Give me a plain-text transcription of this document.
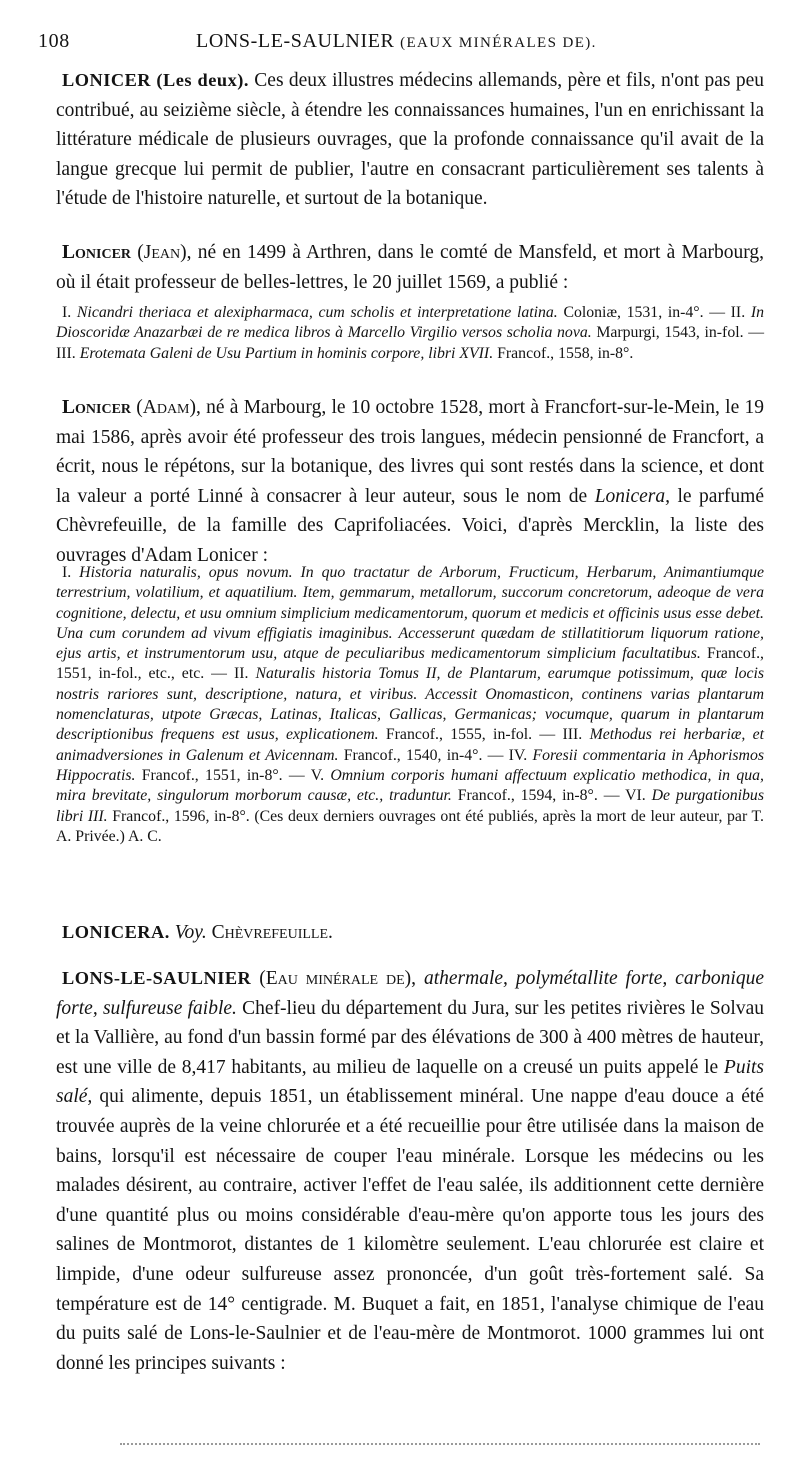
108	LONS-LE-SAULNIER (EAUX MINÉRALES DE).
LONICER (Les deux). Ces deux illustres médecins allemands, père et fils, n'ont pas peu contribué, au seizième siècle, à étendre les connaissances humaines, l'un en enrichissant la littérature médicale de plusieurs ouvrages, que la profonde connaissance qu'il avait de la langue grecque lui permit de publier, l'autre en consacrant particulièrement ses talents à l'étude de l'histoire naturelle, et surtout de la botanique.
Lonicer (Jean), né en 1499 à Arthren, dans le comté de Mansfeld, et mort à Marbourg, où il était professeur de belles-lettres, le 20 juillet 1569, a publié :
I. Nicandri theriaca et alexipharmaca, cum scholis et interpretatione latina. Coloniæ, 1531, in-4°. — II. In Dioscoridæ Anazarbæi de re medica libros à Marcello Virgilio versos scholia nova. Marpurgi, 1543, in-fol. — III. Erotemata Galeni de Usu Partium in hominis corpore, libri XVII. Francof., 1558, in-8°.
Lonicer (Adam), né à Marbourg, le 10 octobre 1528, mort à Francfort-sur-le-Mein, le 19 mai 1586, après avoir été professeur des trois langues, médecin pensionné de Francfort, a écrit, nous le répétons, sur la botanique, des livres qui sont restés dans la science, et dont la valeur a porté Linné à consacrer à leur auteur, sous le nom de Lonicera, le parfumé Chèvrefeuille, de la famille des Caprifoliacées. Voici, d'après Mercklin, la liste des ouvrages d'Adam Lonicer :
I. Historia naturalis, opus novum. In quo tractatur de Arborum, Fructicum, Herbarum, Animantiumque terrestrium, volatilium, et aquatilium. Item, gemmarum, metallorum, succorum concretorum, adeoque de vera cognitione, delectu, et usu omnium simplicium medicamentorum, quorum et medicis et officinis usus esse debet. Una cum corundem ad vivum effigiatis imaginibus. Accesserunt quædam de stillatitiorum liquorum ratione, ejus artis, et instrumentorum usu, atque de peculiaribus medicamentorum simplicium facultatibus. Francof., 1551, in-fol., etc., etc. — II. Naturalis historia Tomus II, de Plantarum, earumque potissimum, quæ locis nostris rariores sunt, descriptione, natura, et viribus. Accessit Onomasticon, continens varias plantarum nomenclaturas, utpote Græcas, Latinas, Italicas, Gallicas, Germanicas; vocumque, quarum in plantarum descriptionibus frequens est usus, explicationem. Francof., 1555, in-fol. — III. Methodus rei herbariæ, et animadversiones in Galenum et Avicennam. Francof., 1540, in-4°. — IV. Foresii commentaria in Aphorismos Hippocratis. Francof., 1551, in-8°. — V. Omnium corporis humani affectuum explicatio methodica, in qua, mira brevitate, singulorum morborum causæ, etc., traduntur. Francof., 1594, in-8°. — VI. De purgationibus libri III. Francof., 1596, in-8°. (Ces deux derniers ouvrages ont été publiés, après la mort de leur auteur, par T. A. Privée.) A. C.
LONICERA. Voy. Chèvrefeuille.
LONS-LE-SAULNIER (Eau minérale de), athermale, polymétallite forte, carbonique forte, sulfureuse faible. Chef-lieu du département du Jura, sur les petites rivières le Solvau et la Vallière, au fond d'un bassin formé par des élévations de 300 à 400 mètres de hauteur, est une ville de 8,417 habitants, au milieu de laquelle on a creusé un puits appelé le Puits salé, qui alimente, depuis 1851, un établissement minéral. Une nappe d'eau douce a été trouvée auprès de la veine chlorurée et a été recueillie pour être utilisée dans la maison de bains, lorsqu'il est nécessaire de couper l'eau minérale. Lorsque les médecins ou les malades désirent, au contraire, activer l'effet de l'eau salée, ils additionnent cette dernière d'une quantité plus ou moins considérable d'eau-mère qu'on apporte tous les jours des salines de Montmorot, distantes de 1 kilomètre seulement. L'eau chlorurée est claire et limpide, d'une odeur sulfureuse assez prononcée, d'un goût très-fortement salé. Sa température est de 14° centigrade. M. Buquet a fait, en 1851, l'analyse chimique de l'eau du puits salé de Lons-le-Saulnier et de l'eau-mère de Montmorot. 1000 grammes lui ont donné les principes suivants :
